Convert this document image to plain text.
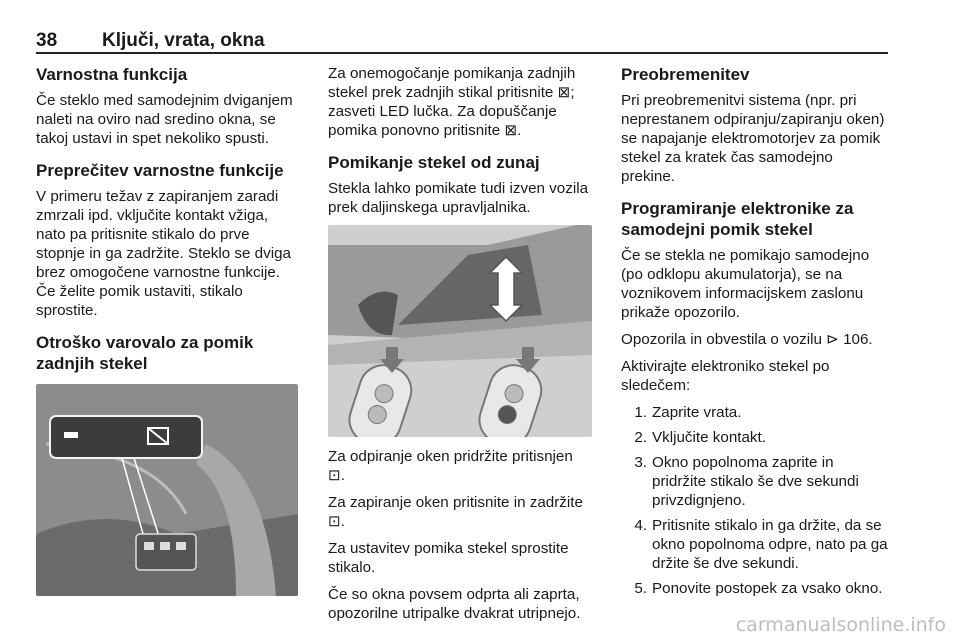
38 Ključi, vrata, okna
Varnostna funkcija

Če steklo med samodejnim dviganjem naleti na oviro nad sredino okna, se takoj ustavi in spet nekoliko spusti.

Preprečitev varnostne funkcije

V primeru težav z zapiranjem zaradi zmrzali ipd. vključite kontakt vžiga, nato pa pritisnite stikalo do prve stopnje in ga zadržite. Steklo se dviga brez omogočene varnostne funkcije. Če želite pomik ustaviti, stikalo sprostite.

Otroško varovalo za pomik zadnjih stekel

Za onemogočanje pomikanja zadnjih stekel prek zadnjih stikal pritisnite ⊠; zasveti LED lučka. Za dopuščanje pomika ponovno pritisnite ⊠.

Pomikanje stekel od zunaj

Stekla lahko pomikate tudi izven vozila prek daljinskega upravljalnika.

Za odpiranje oken pridržite pritisnjen ⊡.

Za zapiranje oken pritisnite in zadržite ⊡.

Za ustavitev pomika stekel sprostite stikalo.

Če so okna povsem odprta ali zaprta, opozorilne utripalke dvakrat utripnejo.

Preobremenitev

Pri preobremenitvi sistema (npr. pri neprestanem odpiranju/zapiranju oken) se napajanje elektromotorjev za pomik stekel za kratek čas samodejno prekine.

Programiranje elektronike za samodejni pomik stekel

Če se stekla ne pomikajo samodejno (po odklopu akumulatorja), se na voznikovem informacijskem zaslonu prikaže opozorilo.

Opozorila in obvestila o vozilu ⊳ 106.

Aktivirajte elektroniko stekel po sledečem:

1. Zaprite vrata.
2. Vključite kontakt.
3. Okno popolnoma zaprite in pridržite stikalo še dve sekundi privzdignjeno.
4. Pritisnite stikalo in ga držite, da se okno popolnoma odpre, nato pa ga držite še dve sekundi.
5. Ponovite postopek za vsako okno.
carmanualsonline.info
